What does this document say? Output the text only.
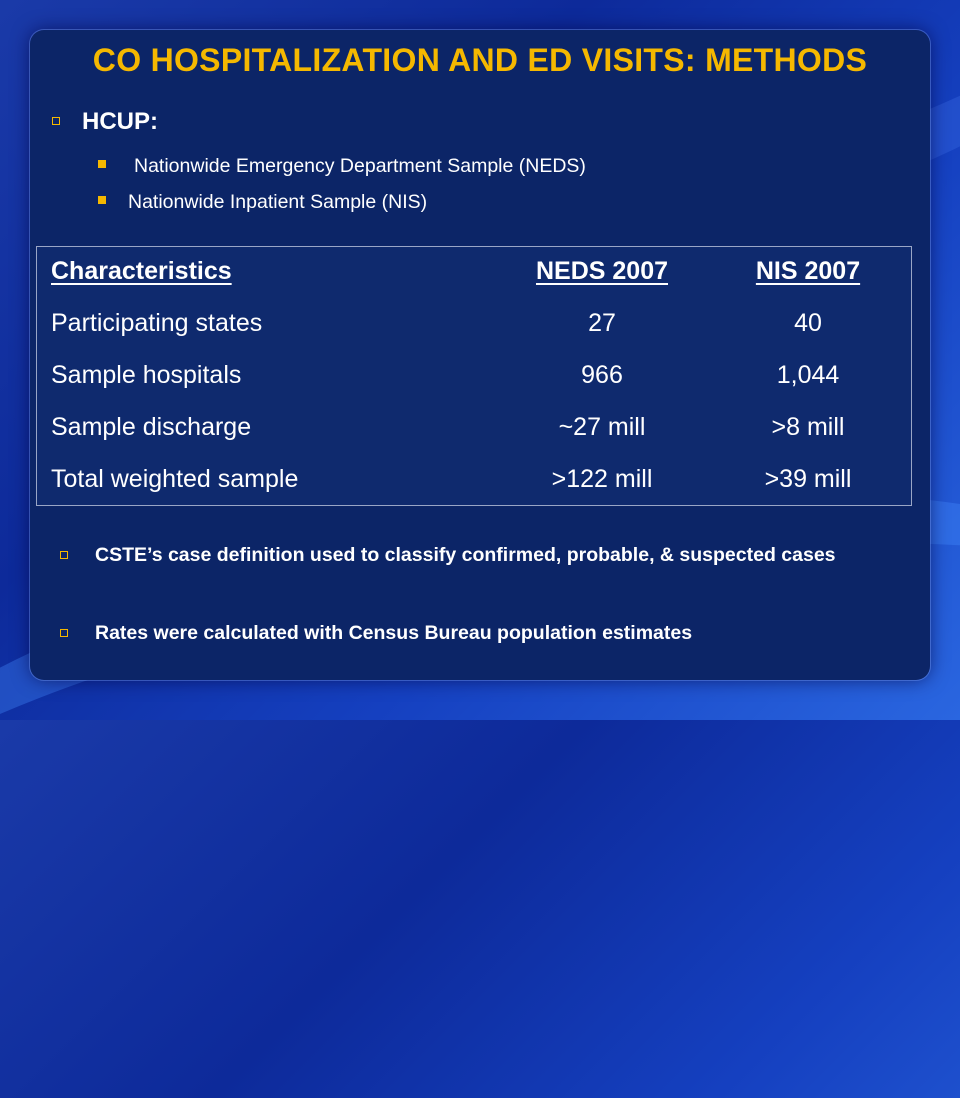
CO HOSPITALIZATION AND ED VISITS: METHODS
HCUP:
Nationwide Emergency Department Sample (NEDS)
Nationwide Inpatient Sample (NIS)
Characteristics	NEDS 2007	NIS 2007
Participating states	27	40
Sample hospitals	966	1,044
Sample discharge	~27 mill	>8 mill
Total weighted sample	>122 mill	>39 mill
CSTE’s case definition used to classify confirmed, probable, & suspected cases
Rates were calculated with Census Bureau population estimates
